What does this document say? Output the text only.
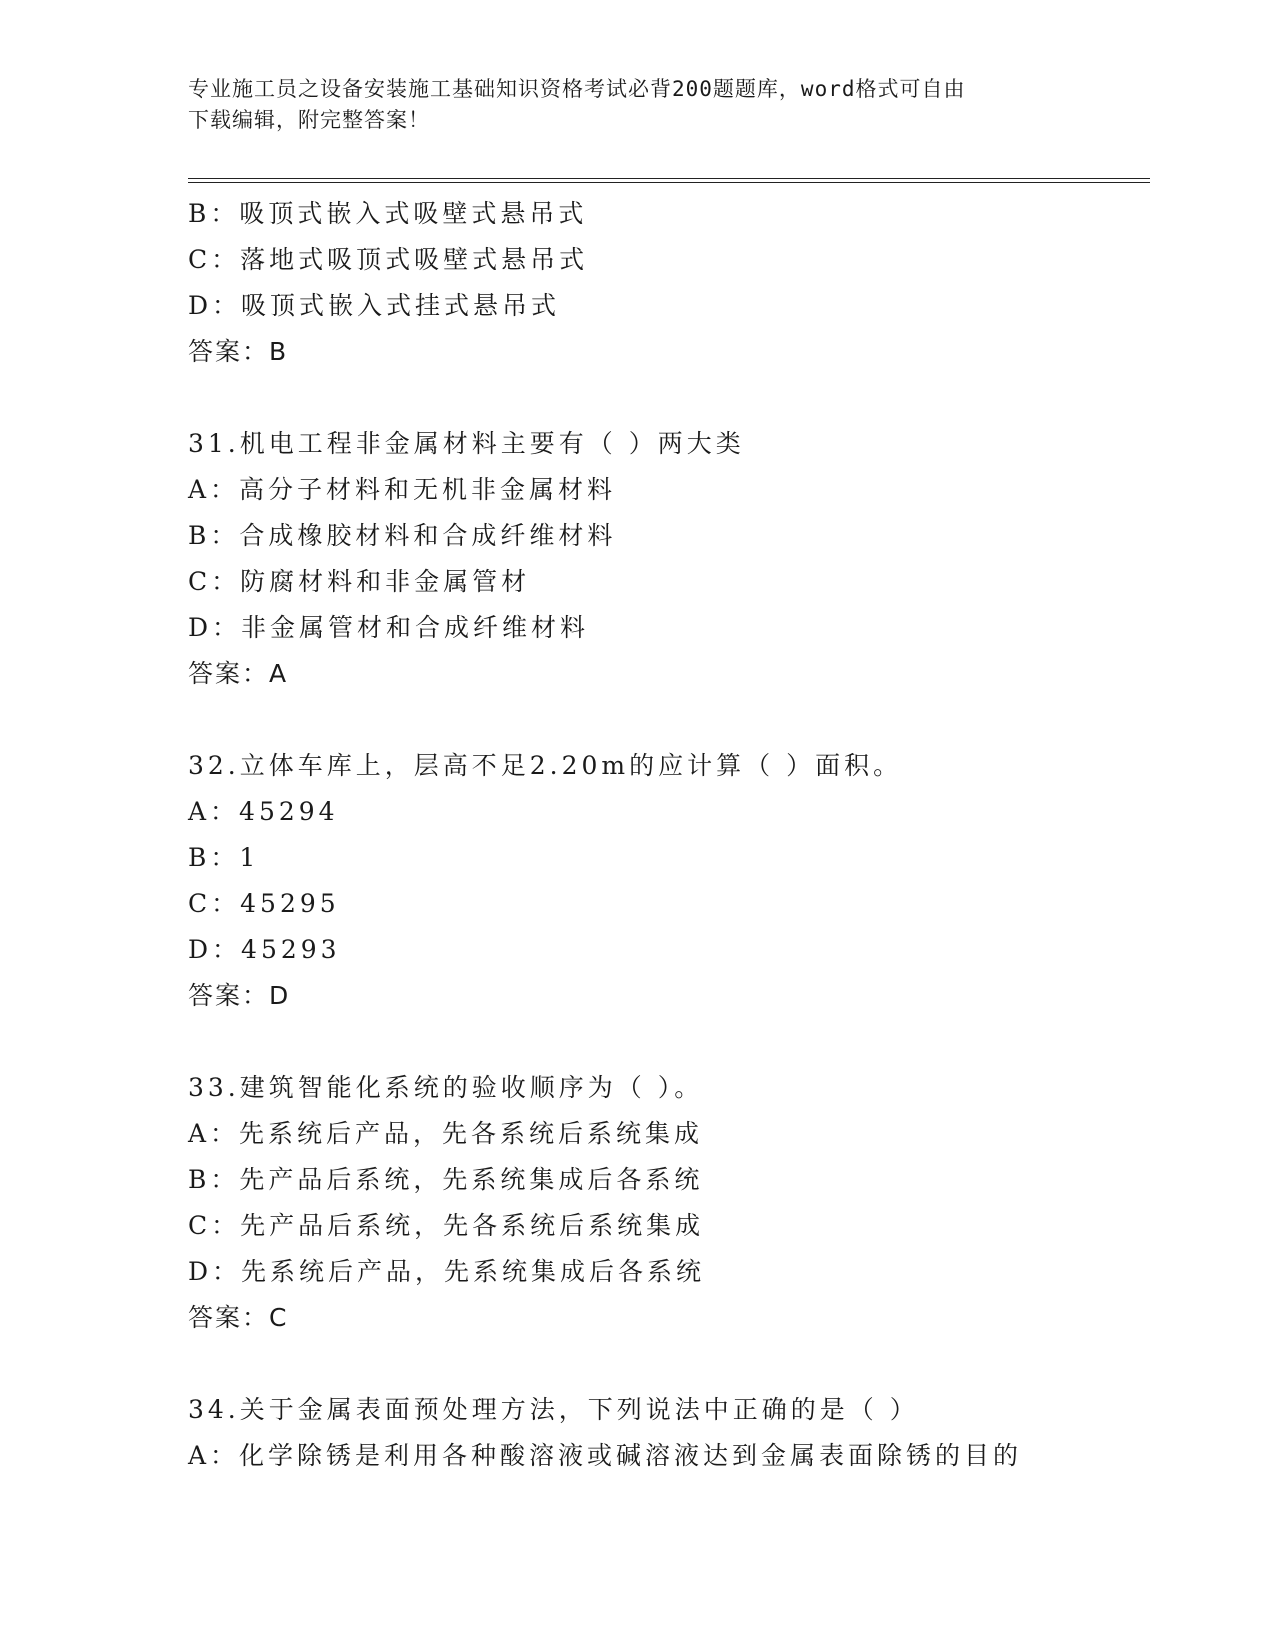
专业施工员之设备安装施工基础知识资格考试必背200题题库，word格式可自由
下载编辑，附完整答案！
B：吸顶式嵌入式吸壁式悬吊式
C：落地式吸顶式吸壁式悬吊式
D：吸顶式嵌入式挂式悬吊式
答案：B
31.机电工程非金属材料主要有（ ）两大类
A：高分子材料和无机非金属材料
B：合成橡胶材料和合成纤维材料
C：防腐材料和非金属管材
D：非金属管材和合成纤维材料
答案：A
32.立体车库上，层高不足2.20m的应计算（ ）面积。
A：45294
B：1
C：45295
D：45293
答案：D
33.建筑智能化系统的验收顺序为（ ）。
A：先系统后产品，先各系统后系统集成
B：先产品后系统，先系统集成后各系统
C：先产品后系统，先各系统后系统集成
D：先系统后产品，先系统集成后各系统
答案：C
34.关于金属表面预处理方法，下列说法中正确的是（ ）
A：化学除锈是利用各种酸溶液或碱溶液达到金属表面除锈的目的
